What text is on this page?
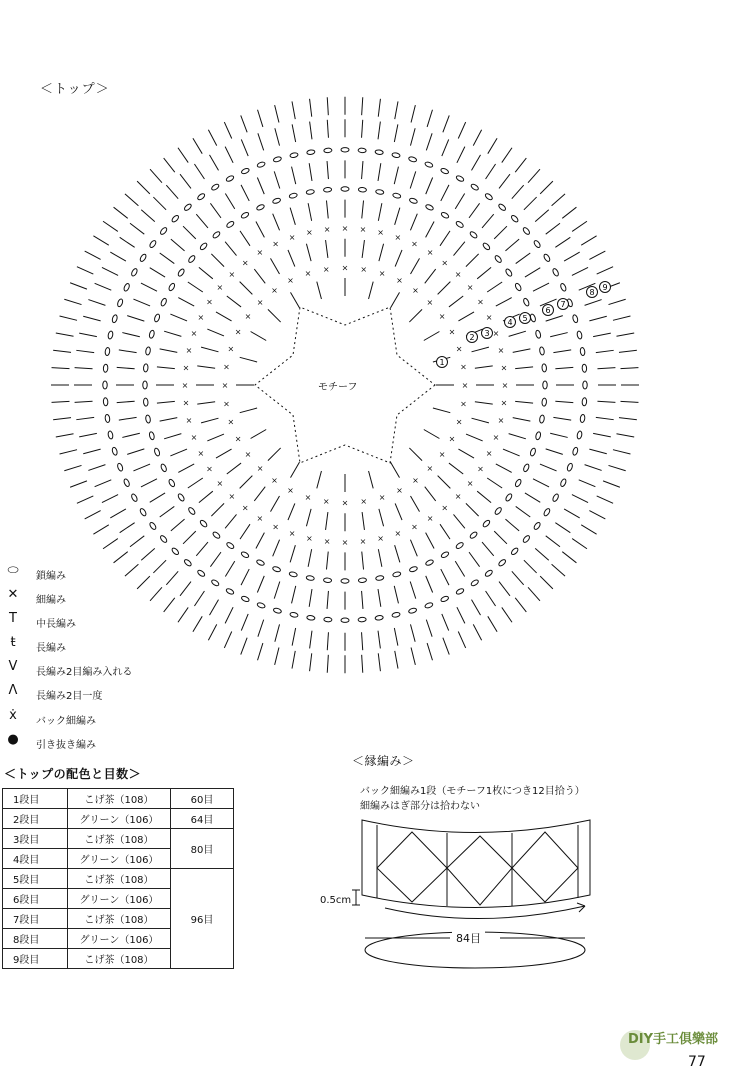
＜トップ＞
×
×
×
×
×
×
×
×
×
×
×
×
×
×
×
×
×
×
×
×
×
×
×
×
×
×
×
×
× × × × ×
×
×
×
×
×
×
×
×
×
×
×
×
×
×
×
×
×
×
×
×
×
×
×
×
×
×
×
×
×
×
×
×
×
×
×
×
×
×
×
×
×
×
×
×
×
×
×
× × × × ×
×
×
×
×
×
×
×
×
×
×
×
1
2 3
4 5
6
7
8
9
モチーフ
⬭	鎖編み
✕	細編み
T	中長編み
ŧ	長編み
V	長編み2目編み入れる
Λ	長編み2目一度
ẋ	バック細編み
●	引き抜き編み
＜トップの配色と目数＞
1段目	こげ茶（108）	60目
2段目	グリーン（106）	64目
3段目	こげ茶（108）	80目
4段目	グリーン（106）	
5段目	こげ茶（108）	96目
6段目	グリーン（106）	
7段目	こげ茶（108）	
8段目	グリーン（106）	
9段目	こげ茶（108）	
＜縁編み＞
バック細編み1段（モチーフ1枚につき12目拾う）
細編みはぎ部分は拾わない
0.5cm
84目
DIY手工俱樂部
77
